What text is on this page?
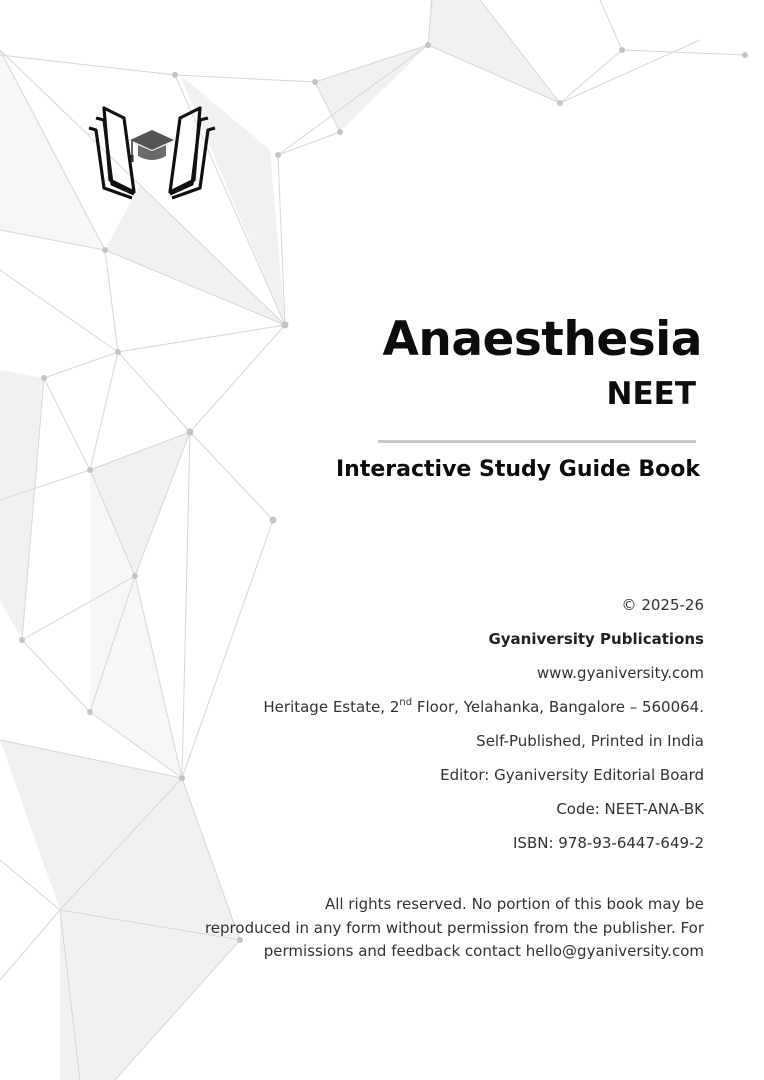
Anaesthesia
NEET
Interactive Study Guide Book
© 2025-26
Gyaniversity Publications
www.gyaniversity.com
Heritage Estate, 2nd Floor, Yelahanka, Bangalore – 560064.
Self-Published, Printed in India
Editor: Gyaniversity Editorial Board
Code: NEET-ANA-BK
ISBN: 978-93-6447-649-2
All rights reserved. No portion of this book may be
reproduced in any form without permission from the publisher. For
permissions and feedback contact hello@gyaniversity.com
